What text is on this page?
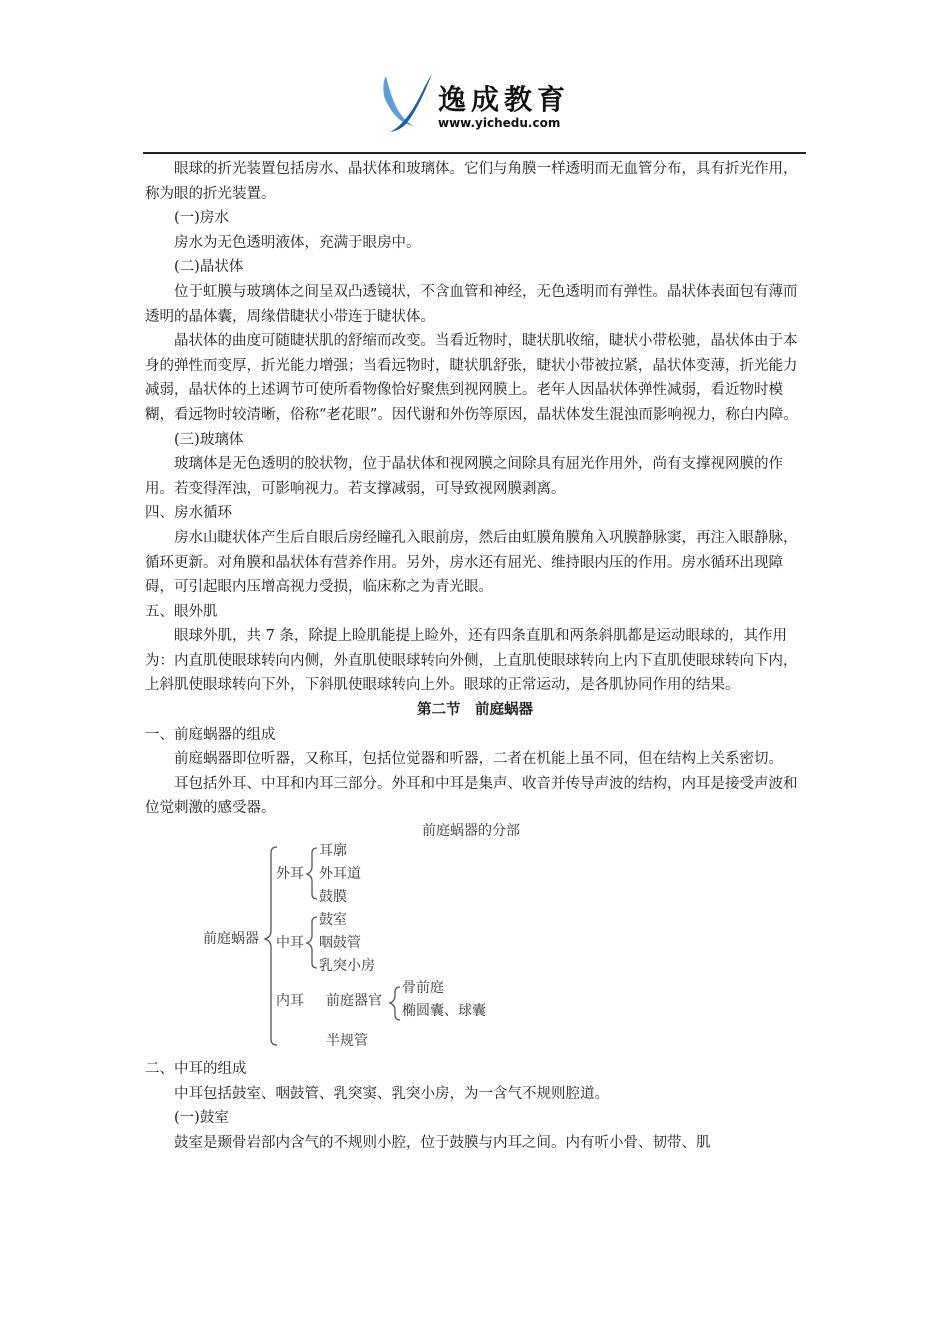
逸成教育
www.yichedu.com

眼球的折光装置包括房水、晶状体和玻璃体。它们与角膜一样透明而无血管分布，具有折光作用，称为眼的折光装置。

(一)房水

房水为无色透明液体，充满于眼房中。

(二)晶状体

位于虹膜与玻璃体之间呈双凸透镜状，不含血管和神经，无色透明而有弹性。晶状体表面包有薄而透明的晶体囊，周缘借睫状小带连于睫状体。

晶状体的曲度可随睫状肌的舒缩而改变。当看近物时，睫状肌收缩，睫状小带松驰，晶状体由于本身的弹性而变厚，折光能力增强；当看远物时，睫状肌舒张，睫状小带被拉紧，晶状体变薄，折光能力减弱，晶状体的上述调节可使所看物像恰好聚焦到视网膜上。老年人因晶状体弹性减弱，看近物时模糊，看远物时较清晰，俗称“老花眼”。因代谢和外伤等原因，晶状体发生混浊而影响视力，称白内障。

(三)玻璃体

玻璃体是无色透明的胶状物，位于晶状体和视网膜之间除具有屈光作用外，尚有支撑视网膜的作用。若变得浑浊，可影响视力。若支撑减弱，可导致视网膜剥离。

四、房水循环

房水山睫状体产生后自眼后房经瞳孔入眼前房，然后由虹膜角膜角入巩膜静脉窦，再注入眼静脉，循环更新。对角膜和晶状体有营养作用。另外，房水还有屈光、维持眼内压的作用。房水循环出现障碍，可引起眼内压增高视力受损，临床称之为青光眼。

五、眼外肌

眼球外肌，共 7 条，除提上睑肌能提上睑外，还有四条直肌和两条斜肌都是运动眼球的，其作用为：内直肌使眼球转向内侧，外直肌使眼球转向外侧，上直肌使眼球转向上内下直肌使眼球转向下内，上斜肌使眼球转向下外，下斜肌使眼球转向上外。眼球的正常运动，是各肌协同作用的结果。

第二节　前庭蜗器

一、前庭蜗器的组成

前庭蜗器即位听器，又称耳，包括位觉器和听器，二者在机能上虽不同，但在结构上关系密切。

耳包括外耳、中耳和内耳三部分。外耳和中耳是集声、收音并传导声波的结构，内耳是接受声波和位觉刺激的感受器。

前庭蜗器的分部
前庭蜗器
外耳
耳廓
外耳道
鼓膜
中耳
鼓室
咽鼓管
乳突小房
内耳 前庭器官
骨前庭
椭圆囊、球囊
半规管

二、中耳的组成

中耳包括鼓室、咽鼓管、乳突窦、乳突小房，为一含气不规则腔道。

(一)鼓室

鼓室是颞骨岩部内含气的不规则小腔，位于鼓膜与内耳之间。内有听小骨、韧带、肌
